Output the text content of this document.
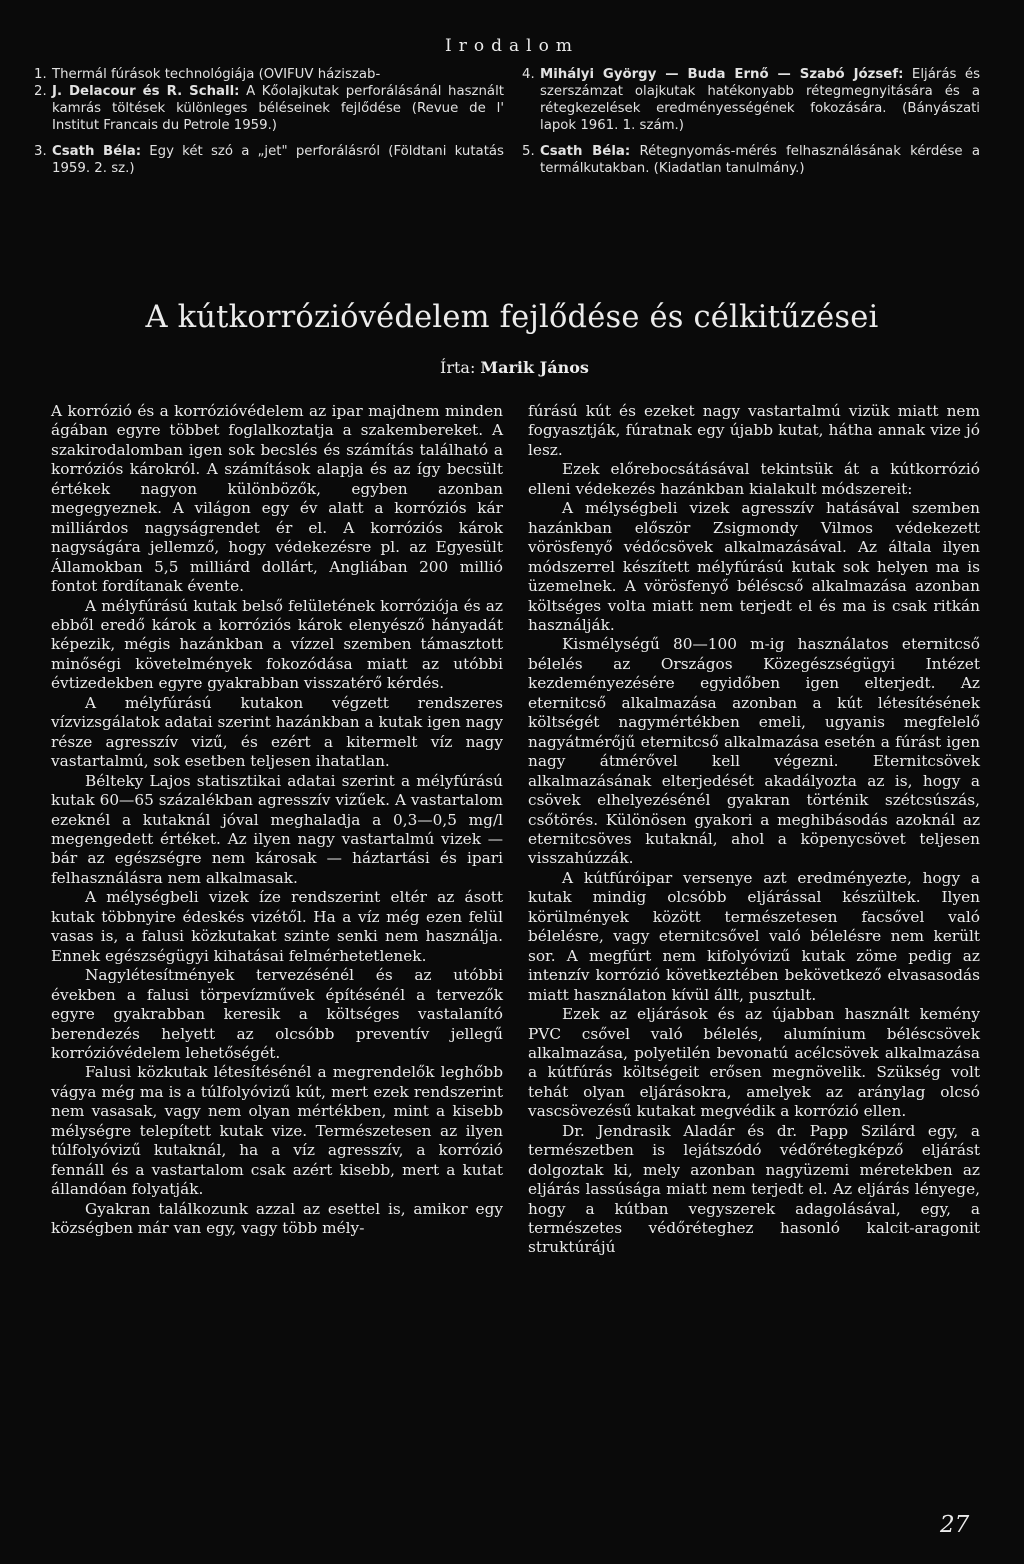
Irodalom
1. Thermál fúrások technológiája (OVIFUV háziszab-
2. J. Delacour és R. Schall: A Kőolajkutak perforálásánál használt kamrás töltések különleges béléseinek fejlődése (Revue de l' Institut Francais du Petrole 1959.)
3. Csath Béla: Egy két szó a „jet" perforálásról (Földtani kutatás 1959. 2. sz.)
4. Mihályi György — Buda Ernő — Szabó József: Eljárás és szerszámzat olajkutak hatékonyabb rétegmegnyitására és a rétegkezelések eredményességének fokozására. (Bányászati lapok 1961. 1. szám.)
5. Csath Béla: Rétegnyomás-mérés felhasználásának kérdése a termálkutakban. (Kiadatlan tanulmány.)
A kútkorrózióvédelem fejlődése és célkitűzései
Írta: Marik János

A korrózió és a korrózióvédelem az ipar majdnem minden ágában egyre többet foglalkoztatja a szakembereket. A szakirodalomban igen sok becslés és számítás található a korróziós károkról. A számítások alapja és az így becsült értékek nagyon különbözők, egyben azonban megegyeznek. A világon egy év alatt a korróziós kár milliárdos nagyságrendet ér el. A korróziós károk nagyságára jellemző, hogy védekezésre pl. az Egyesült Államokban 5,5 milliárd dollárt, Angliában 200 millió fontot fordítanak évente.

A mélyfúrású kutak belső felületének korróziója és az ebből eredő károk a korróziós károk elenyésző hányadát képezik, mégis hazánkban a vízzel szemben támasztott minőségi követelmények fokozódása miatt az utóbbi évtizedekben egyre gyakrabban visszatérő kérdés.

A mélyfúrású kutakon végzett rendszeres vízvizsgálatok adatai szerint hazánkban a kutak igen nagy része agresszív vizű, és ezért a kitermelt víz nagy vastartalmú, sok esetben teljesen ihatatlan.

Bélteky Lajos statisztikai adatai szerint a mélyfúrású kutak 60—65 százalékban agresszív vizűek. A vastartalom ezeknél a kutaknál jóval meghaladja a 0,3—0,5 mg/l megengedett értéket. Az ilyen nagy vastartalmú vizek — bár az egészségre nem károsak — háztartási és ipari felhasználásra nem alkalmasak.

A mélységbeli vizek íze rendszerint eltér az ásott kutak többnyire édeskés vizétől. Ha a víz még ezen felül vasas is, a falusi közkutakat szinte senki nem használja. Ennek egészségügyi kihatásai felmérhetetlenek.

Nagylétesítmények tervezésénél és az utóbbi években a falusi törpevízművek építésénél a tervezők egyre gyakrabban keresik a költséges vastalanító berendezés helyett az olcsóbb preventív jellegű korrózióvédelem lehetőségét.

Falusi közkutak létesítésénél a megrendelők leghőbb vágya még ma is a túlfolyóvizű kút, mert ezek rendszerint nem vasasak, vagy nem olyan mértékben, mint a kisebb mélységre telepített kutak vize. Természetesen az ilyen túlfolyóvizű kutaknál, ha a víz agresszív, a korrózió fennáll és a vastartalom csak azért kisebb, mert a kutat állandóan folyatják.

Gyakran találkozunk azzal az esettel is, amikor egy községben már van egy, vagy több mély-

fúrású kút és ezeket nagy vastartalmú vizük miatt nem fogyasztják, fúratnak egy újabb kutat, hátha annak vize jó lesz.

Ezek előrebocsátásával tekintsük át a kútkorrózió elleni védekezés hazánkban kialakult módszereit:

A mélységbeli vizek agresszív hatásával szemben hazánkban először Zsigmondy Vilmos védekezett vörösfenyő védőcsövek alkalmazásával. Az általa ilyen módszerrel készített mélyfúrású kutak sok helyen ma is üzemelnek. A vörösfenyő béléscső alkalmazása azonban költséges volta miatt nem terjedt el és ma is csak ritkán használják.

Kismélységű 80—100 m-ig használatos eternitcső bélelés az Országos Közegészségügyi Intézet kezdeményezésére egyidőben igen elterjedt. Az eternitcső alkalmazása azonban a kút létesítésének költségét nagymértékben emeli, ugyanis megfelelő nagyátmérőjű eternitcső alkalmazása esetén a fúrást igen nagy átmérővel kell végezni. Eternitcsövek alkalmazásának elterjedését akadályozta az is, hogy a csövek elhelyezésénél gyakran történik szétcsúszás, csőtörés. Különösen gyakori a meghibásodás azoknál az eternitcsöves kutaknál, ahol a köpenycsövet teljesen visszahúzzák.

A kútfúróipar versenye azt eredményezte, hogy a kutak mindig olcsóbb eljárással készültek. Ilyen körülmények között természetesen facsővel való bélelésre, vagy eternitcsővel való bélelésre nem került sor. A megfúrt nem kifolyóvizű kutak zöme pedig az intenzív korrózió következtében bekövetkező elvasasodás miatt használaton kívül állt, pusztult.

Ezek az eljárások és az újabban használt kemény PVC csővel való bélelés, alumínium béléscsövek alkalmazása, polyetilén bevonatú acélcsövek alkalmazása a kútfúrás költségeit erősen megnövelik. Szükség volt tehát olyan eljárásokra, amelyek az aránylag olcsó vascsövezésű kutakat megvédik a korrózió ellen.

Dr. Jendrasik Aladár és dr. Papp Szilárd egy, a természetben is lejátszódó védőrétegképző eljárást dolgoztak ki, mely azonban nagyüzemi méretekben az eljárás lassúsága miatt nem terjedt el. Az eljárás lényege, hogy a kútban vegyszerek adagolásával, egy, a természetes védőréteghez hasonló kalcit-aragonit struktúrájú

27
